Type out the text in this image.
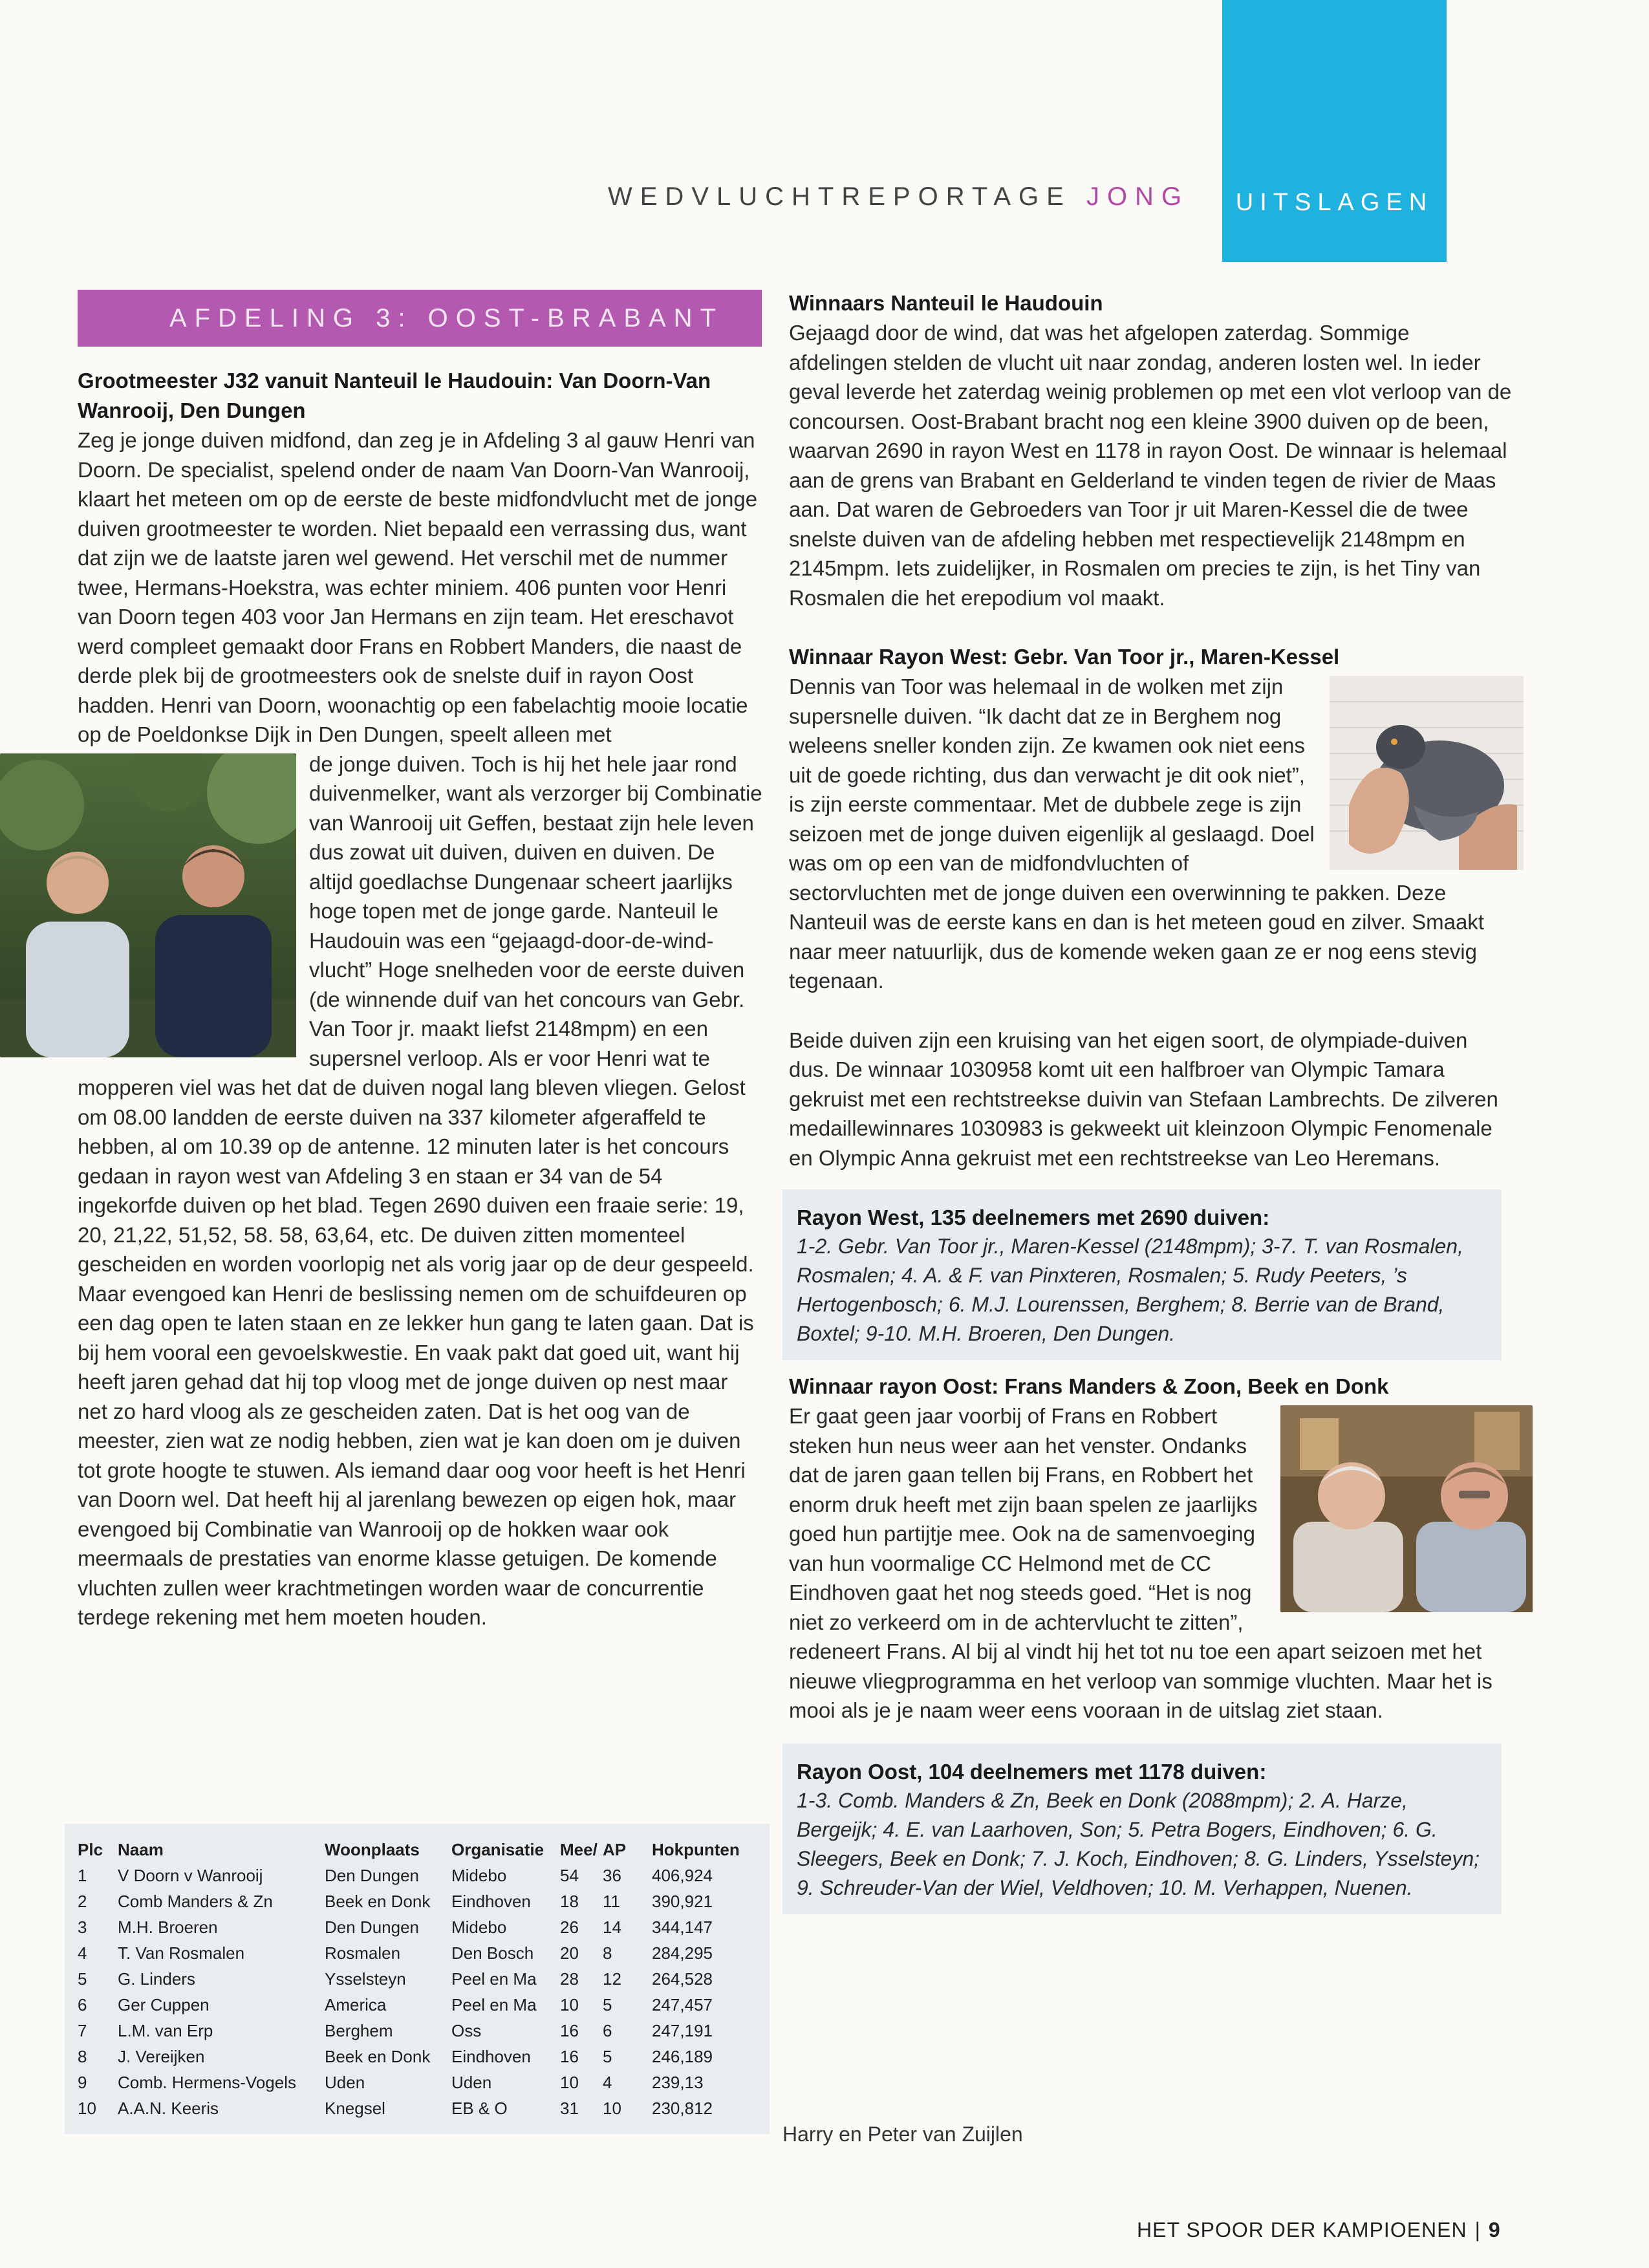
WEDVLUCHTREPORTAGE JONG UITSLAGEN
AFDELING 3: OOST-BRABANT
Grootmeester J32 vanuit Nanteuil le Haudouin: Van Doorn-Van Wanrooij, Den Dungen

Zeg je jonge duiven midfond, dan zeg je in Afdeling 3 al gauw Henri van Doorn. De specialist, spelend onder de naam Van Doorn-Van Wanrooij, klaart het meteen om op de eerste de beste midfondvlucht met de jonge duiven grootmeester te worden. Niet bepaald een verrassing dus, want dat zijn we de laatste jaren wel gewend. Het verschil met de nummer twee, Hermans-Hoekstra, was echter miniem. 406 punten voor Henri van Doorn tegen 403 voor Jan Hermans en zijn team. Het ereschavot werd compleet gemaakt door Frans en Robbert Manders, die naast de derde plek bij de grootmeesters ook de snelste duif in rayon Oost hadden. Henri van Doorn, woonachtig op een fabelachtig mooie locatie op de Poeldonkse Dijk in Den Dungen, speelt alleen met

de jonge duiven. Toch is hij het hele jaar rond duivenmelker, want als verzorger bij Combinatie van Wanrooij uit Geffen, bestaat zijn hele leven dus zowat uit duiven, duiven en duiven. De altijd goedlachse Dungenaar scheert jaarlijks hoge topen met de jonge garde. Nanteuil le Haudouin was een “gejaagd-door-de-wind-vlucht” Hoge snelheden voor de eerste duiven (de winnende duif van het concours van Gebr. Van Toor jr. maakt liefst 2148mpm) en een supersnel verloop. Als er voor Henri wat te mopperen viel was het dat de duiven nogal lang bleven vliegen. Gelost om 08.00 landden de eerste duiven na 337 kilometer afgeraffeld te hebben, al om 10.39 op de antenne. 12 minuten later is het concours gedaan in rayon west van Afdeling 3 en staan er 34 van de 54 ingekorfde duiven op het blad. Tegen 2690 duiven een fraaie serie: 19, 20, 21,22, 51,52, 58. 58, 63,64, etc. De duiven zitten momenteel gescheiden en worden voorlopig net als vorig jaar op de deur gespeeld. Maar evengoed kan Henri de beslissing nemen om de schuifdeuren op een dag open te laten staan en ze lekker hun gang te laten gaan. Dat is bij hem vooral een gevoelskwestie. En vaak pakt dat goed uit, want hij heeft jaren gehad dat hij top vloog met de jonge duiven op nest maar net zo hard vloog als ze gescheiden zaten. Dat is het oog van de meester, zien wat ze nodig hebben, zien wat je kan doen om je duiven tot grote hoogte te stuwen. Als iemand daar oog voor heeft is het Henri van Doorn wel. Dat heeft hij al jarenlang bewezen op eigen hok, maar evengoed bij Combinatie van Wanrooij op de hokken waar ook meermaals de prestaties van enorme klasse getuigen. De komende vluchten zullen weer krachtmetingen worden waar de concurrentie terdege rekening met hem moeten houden.

Plc	Naam	Woonplaats	Organisatie	Mee/	AP	Hokpunten
1	V Doorn v Wanrooij	Den Dungen	Midebo	54	36	406,924
2	Comb Manders & Zn	Beek en Donk	Eindhoven	18	11	390,921
3	M.H. Broeren	Den Dungen	Midebo	26	14	344,147
4	T. Van Rosmalen	Rosmalen	Den Bosch	20	8	284,295
5	G. Linders	Ysselsteyn	Peel en Ma	28	12	264,528
6	Ger Cuppen	America	Peel en Ma	10	5	247,457
7	L.M. van Erp	Berghem	Oss	16	6	247,191
8	J. Vereijken	Beek en Donk	Eindhoven	16	5	246,189
9	Comb. Hermens-Vogels	Uden	Uden	10	4	239,13
10	A.A.N. Keeris	Knegsel	EB & O	31	10	230,812
Winnaars Nanteuil le Haudouin

Gejaagd door de wind, dat was het afgelopen zaterdag. Sommige afdelingen stelden de vlucht uit naar zondag, anderen losten wel. In ieder geval leverde het zaterdag weinig problemen op met een vlot verloop van de concoursen. Oost-Brabant bracht nog een kleine 3900 duiven op de been, waarvan 2690 in rayon West en 1178 in rayon Oost. De winnaar is helemaal aan de grens van Brabant en Gelderland te vinden tegen de rivier de Maas aan. Dat waren de Gebroeders van Toor jr uit Maren-Kessel die de twee snelste duiven van de afdeling hebben met respectievelijk 2148mpm en 2145mpm. Iets zuidelijker, in Rosmalen om precies te zijn, is het Tiny van Rosmalen die het erepodium vol maakt.

Winnaar Rayon West: Gebr. Van Toor jr., Maren-Kessel

Dennis van Toor was helemaal in de wolken met zijn supersnelle duiven. “Ik dacht dat ze in Berghem nog weleens sneller konden zijn. Ze kwamen ook niet eens uit de goede richting, dus dan verwacht je dit ook niet”, is zijn eerste commentaar. Met de dubbele zege is zijn seizoen met de jonge duiven eigenlijk al geslaagd. Doel was om op een van de midfondvluchten of sectorvluchten met de jonge duiven een overwinning te pakken. Deze Nanteuil was de eerste kans en dan is het meteen goud en zilver. Smaakt naar meer natuurlijk, dus de komende weken gaan ze er nog eens stevig tegenaan.

Beide duiven zijn een kruising van het eigen soort, de olympiade-duiven dus. De winnaar 1030958 komt uit een halfbroer van Olympic Tamara gekruist met een rechtstreekse duivin van Stefaan Lambrechts. De zilveren medaillewinnares 1030983 is gekweekt uit kleinzoon Olympic Fenomenale en Olympic Anna gekruist met een rechtstreekse van Leo Heremans.

Rayon West, 135 deelnemers met 2690 duiven:
1-2. Gebr. Van Toor jr., Maren-Kessel (2148mpm); 3-7. T. van Rosmalen, Rosmalen; 4. A. & F. van Pinxteren, Rosmalen; 5. Rudy Peeters, ’s Hertogenbosch; 6. M.J. Lourenssen, Berghem; 8. Berrie van de Brand, Boxtel; 9-10. M.H. Broeren, Den Dungen.
Winnaar rayon Oost: Frans Manders & Zoon, Beek en Donk

Er gaat geen jaar voorbij of Frans en Robbert steken hun neus weer aan het venster. Ondanks dat de jaren gaan tellen bij Frans, en Robbert het enorm druk heeft met zijn baan spelen ze jaarlijks goed hun partijtje mee. Ook na de samenvoeging van hun voormalige CC Helmond met de CC Eindhoven gaat het nog steeds goed. “Het is nog niet zo verkeerd om in de achtervlucht te zitten”, redeneert Frans. Al bij al vindt hij het tot nu toe een apart seizoen met het nieuwe vliegprogramma en het verloop van sommige vluchten. Maar het is mooi als je je naam weer eens vooraan in de uitslag ziet staan.

Rayon Oost, 104 deelnemers met 1178 duiven:
1-3. Comb. Manders & Zn, Beek en Donk (2088mpm); 2. A. Harze, Bergeijk; 4. E. van Laarhoven, Son; 5. Petra Bogers, Eindhoven; 6. G. Sleegers, Beek en Donk; 7. J. Koch, Eindhoven; 8. G. Linders, Ysselsteyn; 9. Schreuder-Van der Wiel, Veldhoven; 10. M. Verhappen, Nuenen.
Harry en Peter van Zuijlen
HET SPOOR DER KAMPIOENEN | 9
